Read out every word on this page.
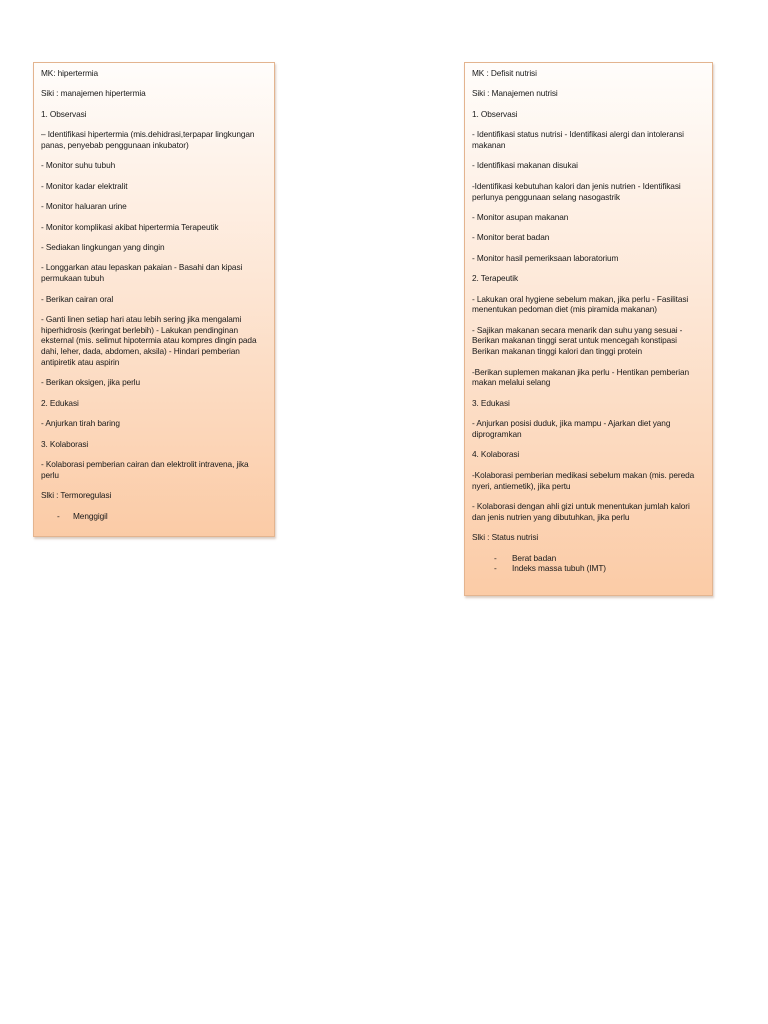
MK: hipertermia

Siki : manajemen hipertermia

1. Observasi

– Identifikasi hipertermia (mis.dehidrasi,terpapar lingkungan panas, penyebab penggunaan inkubator)

- Monitor suhu tubuh

- Monitor kadar elektralit

- Monitor haluaran urine

- Monitor komplikasi akibat hipertermia Terapeutik

- Sediakan lingkungan yang dingin

- Longgarkan atau lepaskan pakaian - Basahi dan kipasi permukaan tubuh

- Berikan cairan oral

- Ganti linen setiap hari atau lebih sering jika mengalami hiperhidrosis (keringat berlebih) - Lakukan pendinginan eksternal (mis. selimut hipotermia atau kompres dingin pada dahi, leher, dada, abdomen, aksila) - Hindari pemberian antipiretik atau aspirin

- Berikan oksigen, jika perlu

2. Edukasi

- Anjurkan tirah baring

3. Kolaborasi

- Kolaborasi pemberian cairan dan elektrolit intravena, jika perlu

Slki : Termoregulasi

-	Menggigil

MK : Defisit nutrisi

Siki : Manajemen nutrisi

1. Observasi

- Identifikasi status nutrisi - Identifikasi alergi dan intoleransi makanan

- Identifikasi makanan disukai

-Identifikasi kebutuhan kalori dan jenis nutrien - Identifikasi perlunya penggunaan selang nasogastrik

- Monitor asupan makanan

- Monitor berat badan

- Monitor hasil pemeriksaan laboratorium

2. Terapeutik

- Lakukan oral hygiene sebelum makan, jika perlu - Fasilitasi menentukan pedoman diet (mis piramida makanan)

- Sajikan makanan secara menarik dan suhu yang sesuai - Berikan makanan tinggi serat untuk mencegah konstipasi Berikan makanan tinggi kalori dan tinggi protein

-Berikan suplemen makanan jika perlu - Hentikan pemberian makan melalui selang

3. Edukasi

- Anjurkan posisi duduk, jika mampu - Ajarkan diet yang diprogramkan

4. Kolaborasi

-Kolaborasi pemberian medikasi sebelum makan (mis. pereda nyeri, antiemetik), jika pertu

- Kolaborasi dengan ahli gizi untuk menentukan jumlah kalori dan jenis nutrien yang dibutuhkan, jika perlu

Slki : Status nutrisi

-	Berat badan

-	Indeks massa tubuh (IMT)
